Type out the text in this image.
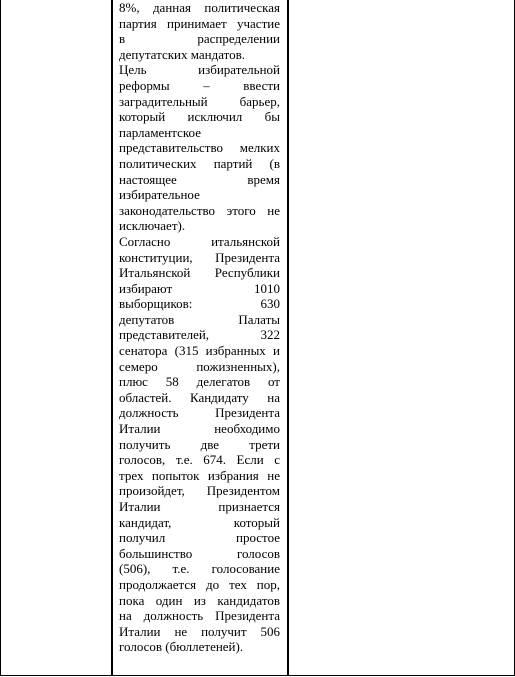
8%, данная политическая
партия принимает участие
в распределении
депутатских мандатов.

Цель избирательной
реформы – ввести
заградительный барьер,
который исключил бы
парламентское
представительство мелких
политических партий (в
настоящее время
избирательное
законодательство этого не
исключает).

Согласно итальянской
конституции, Президента
Итальянской Республики
избирают 1010
выборщиков: 630
депутатов Палаты
представителей, 322
сенатора (315 избранных и
семеро пожизненных),
плюс 58 делегатов от
областей. Кандидату на
должность Президента
Италии необходимо
получить две трети
голосов, т.е. 674. Если с
трех попыток избрания не
произойдет, Президентом
Италии признается
кандидат, который
получил простое
большинство голосов
(506), т.е. голосование
продолжается до тех пор,
пока один из кандидатов
на должность Президента
Италии не получит 506
голосов (бюллетеней).
